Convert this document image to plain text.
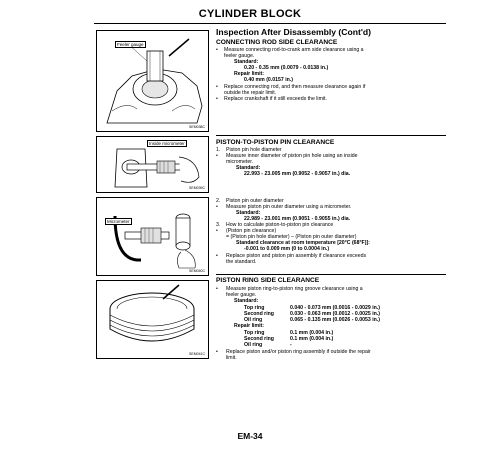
CYLINDER BLOCK
Feeler gauge
SEM038C
Inside micrometer
SEM039C
Micrometer
SEM040C
SEM041C
Inspection After Disassembly (Cont'd)
CONNECTING ROD SIDE CLEARANCE
• Measure connecting rod-to-crank arm side clearance using a
feeler gauge.
Standard:
0.20 - 0.35 mm (0.0079 - 0.0138 in.)
Repair limit:
0.40 mm (0.0157 in.)
• Replace connecting rod, and then measure clearance again if
outside the repair limit.
• Replace crankshaft if it still exceeds the limit.
PISTON-TO-PISTON PIN CLEARANCE
1. Piston pin hole diameter
• Measure inner diameter of piston pin hole using an inside
micrometer.
Standard:
22.993 - 23.005 mm (0.9052 - 0.9057 in.) dia.
2. Piston pin outer diameter
• Measure piston pin outer diameter using a micrometer.
Standard:
22.989 - 23.001 mm (0.9051 - 0.9055 in.) dia.
3. How to calculate piston-to-piston pin clearance
• (Piston pin clearance)
= (Piston pin hole diameter) – (Piston pin outer diameter)
Standard clearance at room temperature [20°C (68°F)]:
-0.001 to 0.009 mm (0 to 0.0004 in.)
• Replace piston and piston pin assembly if clearance exceeds
the standard.
PISTON RING SIDE CLEARANCE
• Measure piston ring-to-piston ring groove clearance using a
feeler gauge.
Standard:
Top ring	0.040 - 0.073 mm (0.0016 - 0.0029 in.)
Second ring	0.030 - 0.063 mm (0.0012 - 0.0025 in.)
Oil ring	0.065 - 0.135 mm (0.0026 - 0.0053 in.)
Repair limit:
Top ring	0.1 mm (0.004 in.)
Second ring	0.1 mm (0.004 in.)
Oil ring	-
• Replace piston and/or piston ring assembly if outside the repair
limit.
EM-34
